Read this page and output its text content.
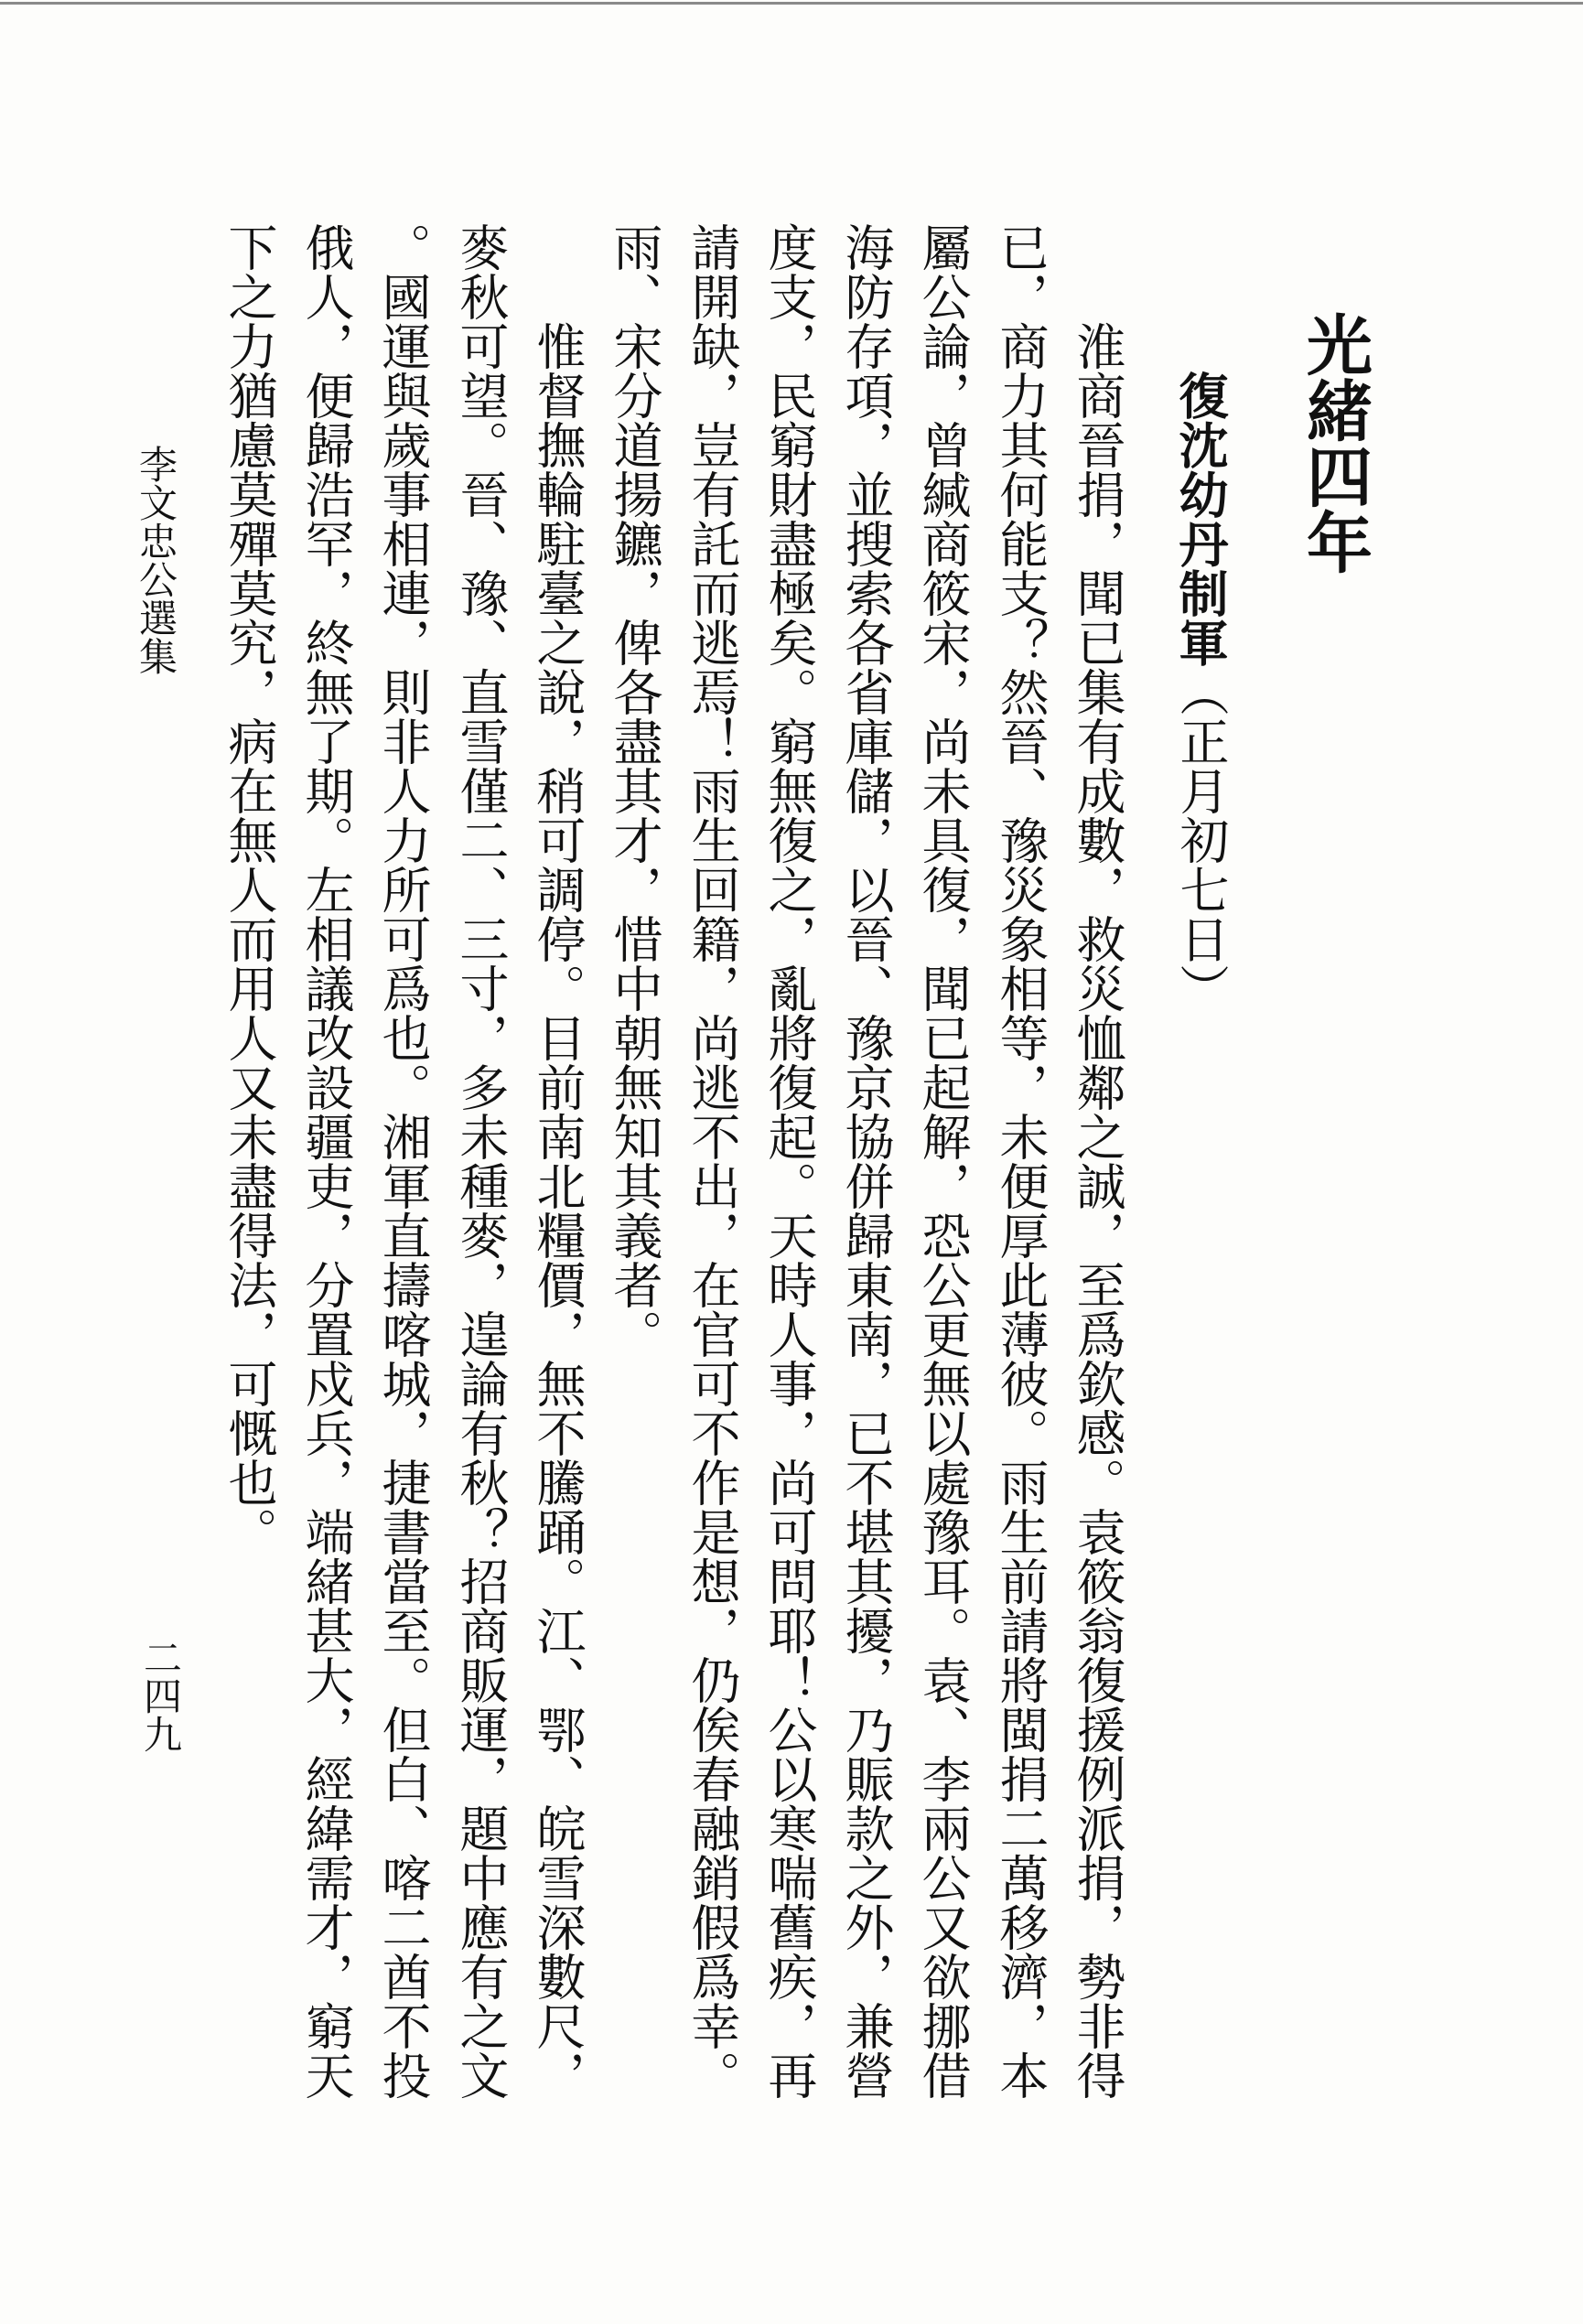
光緒四年
復沈幼丹制軍（正月初七日）
淮商晉捐，聞已集有成數，救災恤鄰之誠，至爲欽感。袁筱翁復援例派捐，勢非得
已，商力其何能支？然晉、豫災象相等，未便厚此薄彼。雨生前請將閩捐二萬移濟，本
屬公論，曾緘商筱宋，尚未具復，聞已起解，恐公更無以處豫耳。袁、李兩公又欲挪借
海防存項，並搜索各省庫儲，以晉、豫京協併歸東南，已不堪其擾，乃賑款之外，兼營
度支，民窮財盡極矣。窮無復之，亂將復起。天時人事，尚可問耶！公以寒喘舊疾，再
請開缺，豈有託而逃焉！雨生回籍，尚逃不出，在官可不作是想，仍俟春融銷假爲幸。
雨、宋分道揚鑣，俾各盡其才，惜中朝無知其義者。
惟督撫輪駐臺之說，稍可調停。目前南北糧價，無不騰踊。江、鄂、皖雪深數尺，
麥秋可望。晉、豫、直雪僅二、三寸，多未種麥，遑論有秋？招商販運，題中應有之文
。國運與歲事相連，則非人力所可爲也。湘軍直擣喀城，捷書當至。但白、喀二酋不投
俄人，便歸浩罕，終無了期。左相議改設疆吏，分置戍兵，端緒甚大，經緯需才，窮天
下之力猶慮莫殫莫究，病在無人而用人又未盡得法，可慨也。
李文忠公選集
二四九
